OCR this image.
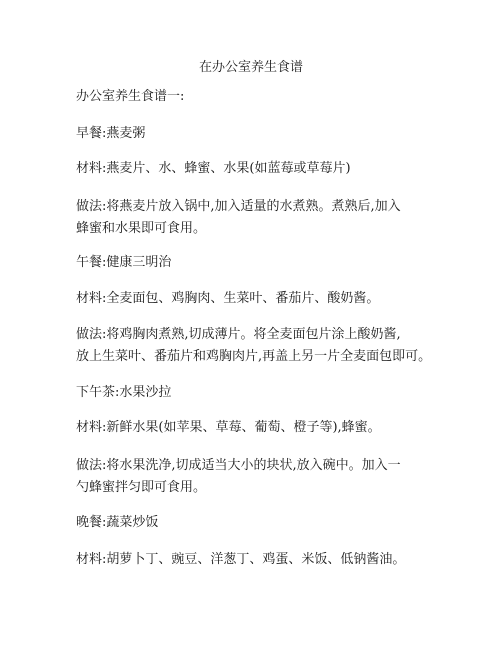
在办公室养生食谱

办公室养生食谱一:

早餐:燕麦粥

材料:燕麦片、水、蜂蜜、水果(如蓝莓或草莓片)

做法:将燕麦片放入锅中,加入适量的水煮熟。煮熟后,加入
蜂蜜和水果即可食用。

午餐:健康三明治

材料:全麦面包、鸡胸肉、生菜叶、番茄片、酸奶酱。

做法:将鸡胸肉煮熟,切成薄片。将全麦面包片涂上酸奶酱,
放上生菜叶、番茄片和鸡胸肉片,再盖上另一片全麦面包即可。

下午茶:水果沙拉

材料:新鲜水果(如苹果、草莓、葡萄、橙子等),蜂蜜。

做法:将水果洗净,切成适当大小的块状,放入碗中。加入一
勺蜂蜜拌匀即可食用。

晚餐:蔬菜炒饭

材料:胡萝卜丁、豌豆、洋葱丁、鸡蛋、米饭、低钠酱油。
